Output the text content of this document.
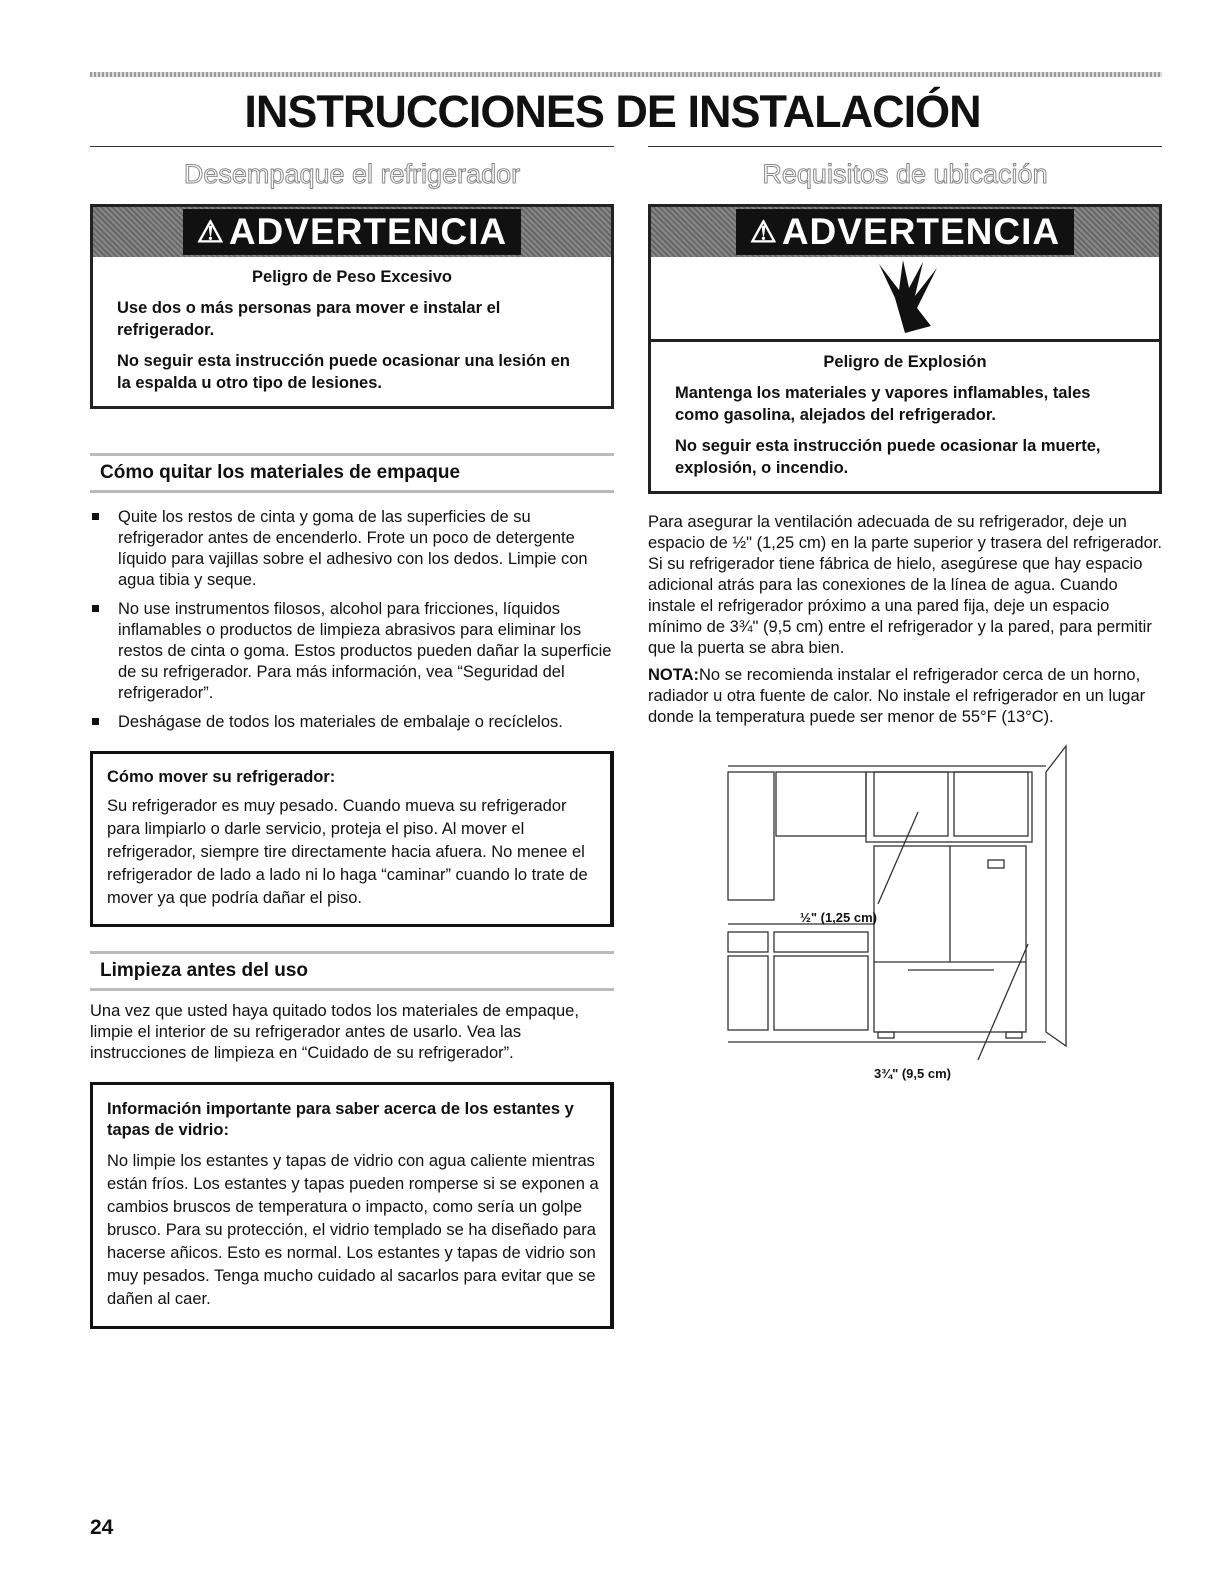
INSTRUCCIONES DE INSTALACIÓN
Desempaque el refrigerador
⚠ ADVERTENCIA

Peligro de Peso Excesivo

Use dos o más personas para mover e instalar el refrigerador.

No seguir esta instrucción puede ocasionar una lesión en la espalda u otro tipo de lesiones.

Cómo quitar los materiales de empaque
Quite los restos de cinta y goma de las superficies de su refrigerador antes de encenderlo. Frote un poco de detergente líquido para vajillas sobre el adhesivo con los dedos. Limpie con agua tibia y seque.
No use instrumentos filosos, alcohol para fricciones, líquidos inflamables o productos de limpieza abrasivos para eliminar los restos de cinta o goma. Estos productos pueden dañar la superficie de su refrigerador. Para más información, vea “Seguridad del refrigerador”.
Deshágase de todos los materiales de embalaje o recíclelos.
Cómo mover su refrigerador:

Su refrigerador es muy pesado. Cuando mueva su refrigerador para limpiarlo o darle servicio, proteja el piso. Al mover el refrigerador, siempre tire directamente hacia afuera. No menee el refrigerador de lado a lado ni lo haga “caminar” cuando lo trate de mover ya que podría dañar el piso.

Limpieza antes del uso

Una vez que usted haya quitado todos los materiales de empaque, limpie el interior de su refrigerador antes de usarlo. Vea las instrucciones de limpieza en “Cuidado de su refrigerador”.

Información importante para saber acerca de los estantes y tapas de vidrio:

No limpie los estantes y tapas de vidrio con agua caliente mientras están fríos. Los estantes y tapas pueden romperse si se exponen a cambios bruscos de temperatura o impacto, como sería un golpe brusco. Para su protección, el vidrio templado se ha diseñado para hacerse añicos. Esto es normal. Los estantes y tapas de vidrio son muy pesados. Tenga mucho cuidado al sacarlos para evitar que se dañen al caer.

Requisitos de ubicación
⚠ ADVERTENCIA

Peligro de Explosión

Mantenga los materiales y vapores inflamables, tales como gasolina, alejados del refrigerador.

No seguir esta instrucción puede ocasionar la muerte, explosión, o incendio.

Para asegurar la ventilación adecuada de su refrigerador, deje un espacio de ½" (1,25 cm) en la parte superior y trasera del refrigerador. Si su refrigerador tiene fábrica de hielo, asegúrese que hay espacio adicional atrás para las conexiones de la línea de agua. Cuando instale el refrigerador próximo a una pared fija, deje un espacio mínimo de 3¾" (9,5 cm) entre el refrigerador y la pared, para permitir que la puerta se abra bien.

NOTA:No se recomienda instalar el refrigerador cerca de un horno, radiador u otra fuente de calor. No instale el refrigerador en un lugar donde la temperatura puede ser menor de 55°F (13°C).

½" (1,25 cm)
3¾" (9,5 cm)

24
